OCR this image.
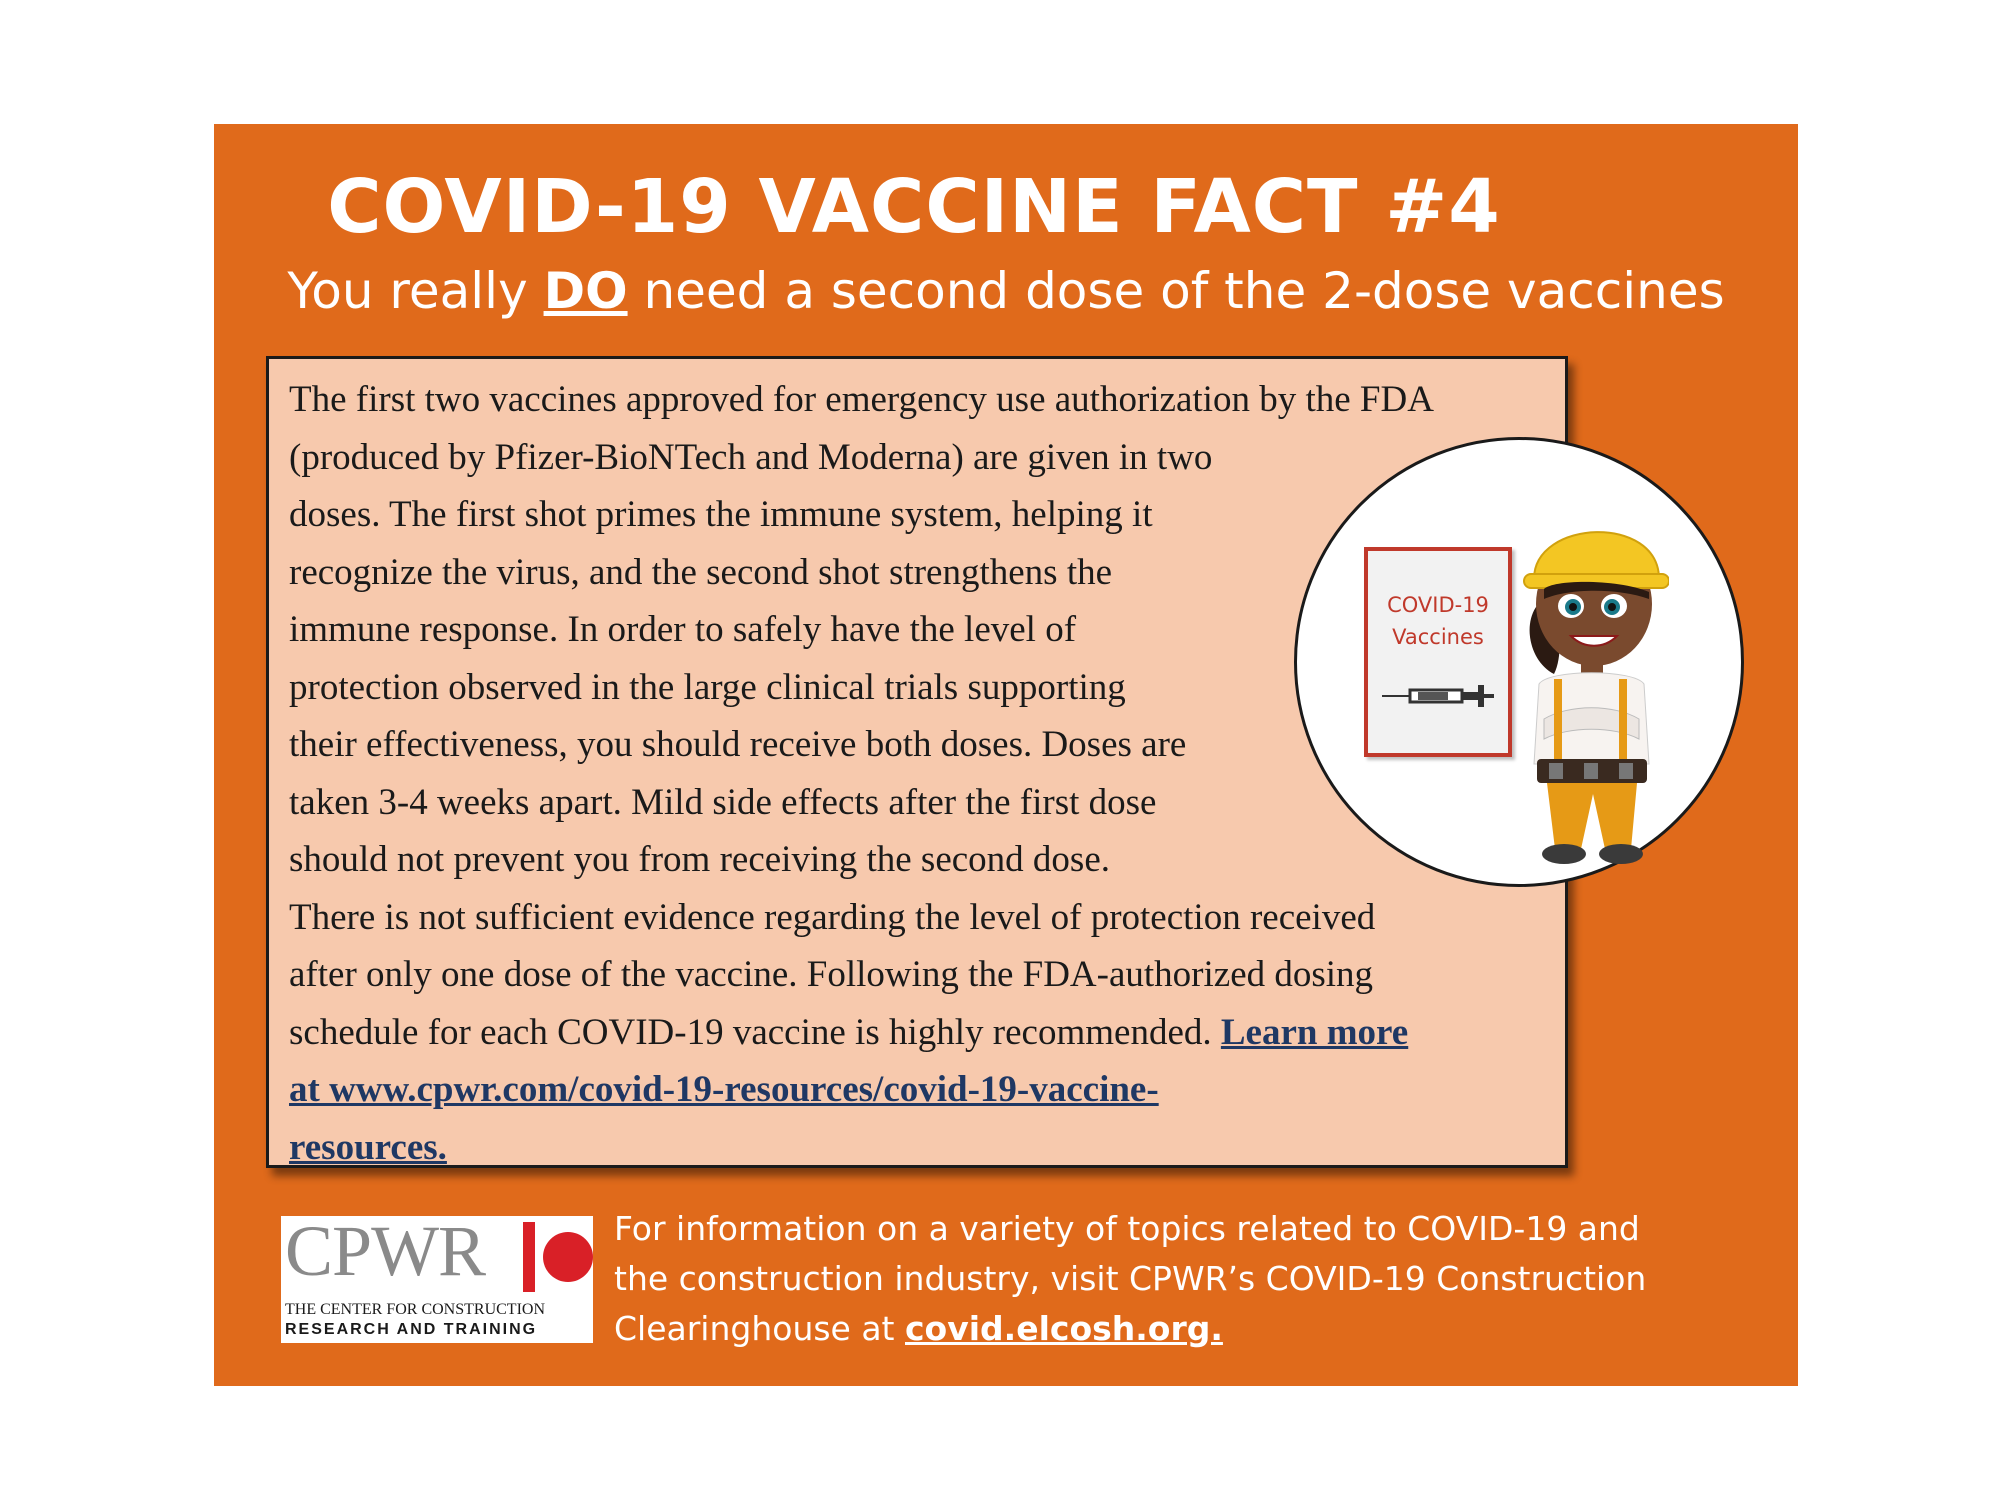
COVID-19 VACCINE FACT #4

You really DO need a second dose of the 2-dose vaccines

The first two vaccines approved for emergency use authorization by the FDA
(produced by Pfizer-BioNTech and Moderna) are given in two
doses. The first shot primes the immune system, helping it
recognize the virus, and the second shot strengthens the
immune response. In order to safely have the level of
protection observed in the large clinical trials supporting
their effectiveness, you should receive both doses. Doses are
taken 3-4 weeks apart. Mild side effects after the first dose
should not prevent you from receiving the second dose.
There is not sufficient evidence regarding the level of protection received
after only one dose of the vaccine. Following the FDA-authorized dosing
schedule for each COVID-19 vaccine is highly recommended. Learn more
at www.cpwr.com/covid-19-resources/covid-19-vaccine-
resources.

COVID-19
Vaccines
CPWR
THE CENTER FOR CONSTRUCTION
RESEARCH AND TRAINING

For information on a variety of topics related to COVID-19 and
the construction industry, visit CPWR’s COVID-19 Construction
Clearinghouse at covid.elcosh.org.
